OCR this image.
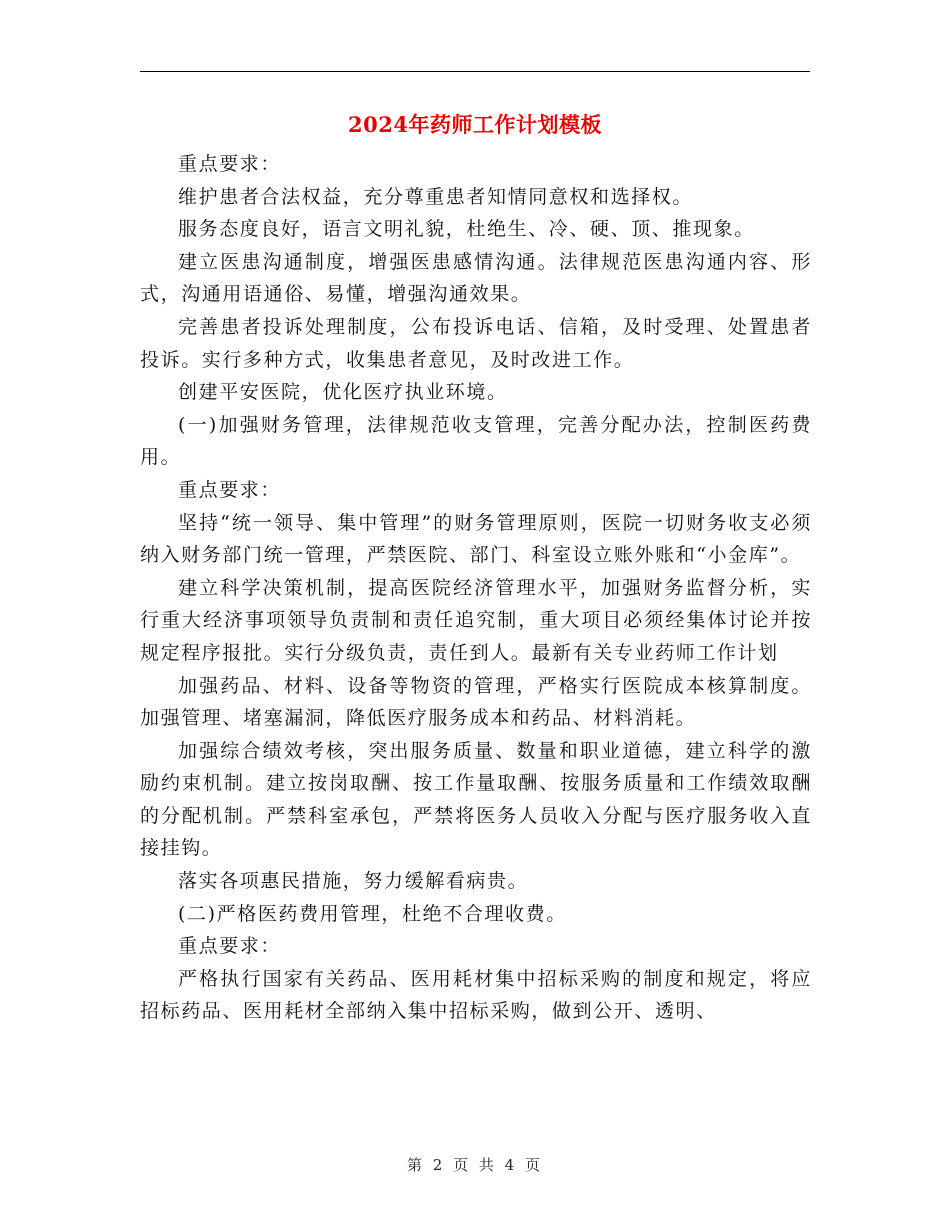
2024年药师工作计划模板

重点要求：

维护患者合法权益，充分尊重患者知情同意权和选择权。

服务态度良好，语言文明礼貌，杜绝生、冷、硬、顶、推现象。

建立医患沟通制度，增强医患感情沟通。法律规范医患沟通内容、形式，沟通用语通俗、易懂，增强沟通效果。

完善患者投诉处理制度，公布投诉电话、信箱，及时受理、处置患者投诉。实行多种方式，收集患者意见，及时改进工作。

创建平安医院，优化医疗执业环境。

(一)加强财务管理，法律规范收支管理，完善分配办法，控制医药费用。

重点要求：

坚持“统一领导、集中管理”的财务管理原则，医院一切财务收支必须纳入财务部门统一管理，严禁医院、部门、科室设立账外账和“小金库”。

建立科学决策机制，提高医院经济管理水平，加强财务监督分析，实行重大经济事项领导负责制和责任追究制，重大项目必须经集体讨论并按规定程序报批。实行分级负责，责任到人。最新有关专业药师工作计划

加强药品、材料、设备等物资的管理，严格实行医院成本核算制度。加强管理、堵塞漏洞，降低医疗服务成本和药品、材料消耗。

加强综合绩效考核，突出服务质量、数量和职业道德，建立科学的激励约束机制。建立按岗取酬、按工作量取酬、按服务质量和工作绩效取酬的分配机制。严禁科室承包，严禁将医务人员收入分配与医疗服务收入直接挂钩。

落实各项惠民措施，努力缓解看病贵。

(二)严格医药费用管理，杜绝不合理收费。

重点要求：

严格执行国家有关药品、医用耗材集中招标采购的制度和规定，将应招标药品、医用耗材全部纳入集中招标采购，做到公开、透明、

第 2 页 共 4 页
